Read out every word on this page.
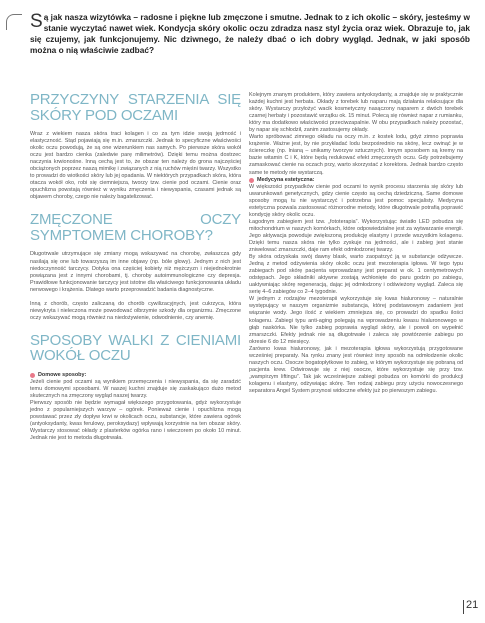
S ą jak nasza wizytówka – radosne i piękne lub zmęczone i smutne. Jednak to z ich okolic – skóry, jesteśmy w stanie wyczytać nawet wiek. Kondycja skóry okolic oczu zdradza nasz styl życia oraz wiek. Obrazuje to, jak się czujemy, jak funkcjonujemy. Nic dziwnego, że należy dbać o ich dobry wygląd. Jednak, w jaki sposób można o nią właściwie zadbać?
PRZYCZYNY STARZENIA SIĘ SKÓRY POD OCZAMI

Wraz z wiekiem nasza skóra traci kolagen i co za tym idzie swoją jędrność i elastyczność. Stąd pojawiają się m.in. zmarszczki. Jednak to specyficzne właściwości okolic oczu powodują, że są one wizerunkiem nas samych. Po pierwsze skóra wokół oczu jest bardzo cienka (zaledwie parę milimetrów). Dzięki temu można dostrzec naczynia krwionośne. Inną cechą jest to, że obszar ten należy do grona najczęściej obciążonych poprzez naszą mimikę i związanych z nią ruchów mięśni twarzy. Wszystko to prowadzi do wiotkości skóry lub jej opadania. W niektórych przypadkach skóra, która otacza wokół oko, robi się ciemniejsza, tworzy tzw. cienie pod oczami. Cienie oraz opuchlizna powstają również w wyniku zmęczenia i niewyspania, czasami jednak są objawem choroby, czego nie należy bagatelizować.

ZMĘCZONE OCZY SYMPTOMEM CHOROBY?

Długotrwale utrzymujące się zmiany mogą wskazywać na chorobę, zwłaszcza gdy nasilają się one lub towarzyszą im inne objawy (np. bóle głowy). Jednym z nich jest niedoczynność tarczycy. Dotyka ona częściej kobiety niż mężczyzn i niejednokrotnie powiązana jest z innymi chorobami, tj. choroby autoimmunologiczne czy depresja. Prawidłowe funkcjonowanie tarczycy jest istotne dla właściwego funkcjonowania układu nerwowego i krążenia. Dlatego warto przeprowadzić badania diagnostyczne.

Inną z chorób, często zaliczaną do chorób cywilizacyjnych, jest cukrzyca, która niewykryta i nieleczona może powodować olbrzymie szkody dla organizmu. Zmęczone oczy wskazywać mogą również na niedożywienie, odwodnienie, czy anemię.

SPOSOBY WALKI Z CIENIAMI WOKÓŁ OCZU
Domowe sposoby:

Jeżeli cienie pod oczami są wynikiem przemęczenia i niewyspania, da się zaradzić temu domowymi sposobami. W naszej kuchni znajduje się zaskakująco dużo metod skutecznych na zmęczony wygląd naszej twarzy.

Pierwszy sposób nie będzie wymagał większego przygotowania, gdyż wykorzystuje jedno z popularniejszych warzyw – ogórek. Ponieważ cienie i opuchlizna mogą powstawać przez zły dopływ krwi w okolicach oczu, substancje, które zawiera ogórek (antyoksydanty, kwas ferulowy, peroksydazy) wpływają korzystnie na ten obszar skóry. Wystarczy stosować okłady z plasterków ogórka rano i wieczorem po około 10 minut. Jednak nie jest to metoda długotrwała.

Kolejnym znanym produktem, który zawiera antyoksydanty, a znajduje się w praktycznie każdej kuchni jest herbata. Okłady z torebek lub naparu mają działania relaksujące dla skóry. Wystarczy przyłożyć wacik kosmetyczny nasączony naparem z dwóch torebek czarnej herbaty i pozostawić wrzątku ok. 15 minut. Polecą się również napar z rumianku, który ma dodatkowo właściwości przeciwzapalnie. W obu przypadkach należy pozostać, by napar się schłodził, zanim zastosujemy okłady.

Warto spróbować zimnego okładu na oczy m.in. z kostek lodu, gdyż zimno poprawia krążenie. Ważne jest, by nie przykładać lodu bezpośrednio na skórę, lecz owinąć je w ściereczkę (np. lnianą – unikamy tworzyw sztucznych). Innym sposobem są kremy na bazie witamin C i K, które będą redukować efekt zmęczonych oczu. Gdy potrzebujemy zamaskować cienie na oczach przy, warto skorzystać z korektora. Jednak bardzo często same te metody nie wystarczą.

Medycyna estetyczna:

W większości przypadków cienie pod oczami to wynik procesu starzenia się skóry lub uwarunkowań genetycznych, gdzy cienie często są cechą dziedziczną. Same domowe sposoby mogą tu nie wystarczyć i potrzebna jest pomoc specjalisty. Medycyna estetyczna pozwala zastosować różnorodne metody, które długotrwale potrafią poprawić kondycję skóry okolic oczu.

Łagodnym zabiegiem jest tzw. „fototerapia”. Wykorzystując światło LED pobudza się mitochondrium w naszych komórkach, które odpowiedzialne jest za wytwarzanie energii. Jego aktywacja powoduje zwiększoną produkcję elastyny i przede wszystkim kolagenu. Dzięki temu nasza skóra nie tylko zyskuje na jędrności, ale i zabieg jest stanie zniwelować zmarszczki, daje ram efekt odmłodzonej twarzy.

By skóra odzyskała swój dawny blask, warto zaopatrzyć ją w substancje odżywcze. Jedną z metod odżywienia skóry okolic oczu jest mezoterapia igłowa. W tego typu zabiegach pod skórę pacjenta wprowadzany jest preparat w ok. 1 centymetrowych odstępach. Jego składniki aktywne zostają wchłonięte do paru godzin po zabiegu, uaktywniając skórę regeneracją, dając jej odmłodzony i odświeżony wygląd. Zaleca się serię 4–6 zabiegów co 2–4 tygodnie.

W jednym z rodzajów mezoterapii wykorzystuje się kwas hialuronowy – naturalnie występujący w naszym organizmie substancja, której podstawowym zadaniem jest wiązanie wody. Jego ilość z wiekiem zmniejsza się, co prowadzi do spadku ilości kolagenu. Zabiegi typu anti-aging polegają na wprowadzeniu kwasu hialuronowego w głąb naskórka. Nie tylko zabieg poprawia wygląd skóry, ale i powoli on wypełnić zmarszczki. Efekty jednak nie są długotrwałe i zaleca się powtórzenie zabiegu po okresie 6 do 12 miesięcy.

Zarówno kwas hialuronowy, jak i mezoterapia igłowa wykorzystują przygotowane wcześniej preparaty. Na rynku znany jest również inny sposób na odmłodzenie okolic naszych oczu. Osocze bogatopłytkowe to zabieg, w którym wykorzystuje się pobraną od pacjenta krew. Odwirowuje się z niej osocze, które wykorzystuje się przy tzw. „wampirzym liftingu”. Tak jak wcześniejsze zabiegi pobudza on komórki do produkcji kolagenu i elastyny, odżywiając skórę. Ten rodzaj zabiegu przy użyciu nowoczesnego separatora Angel System przynosi widoczne efekty już po pierwszym zabiegu.

21
